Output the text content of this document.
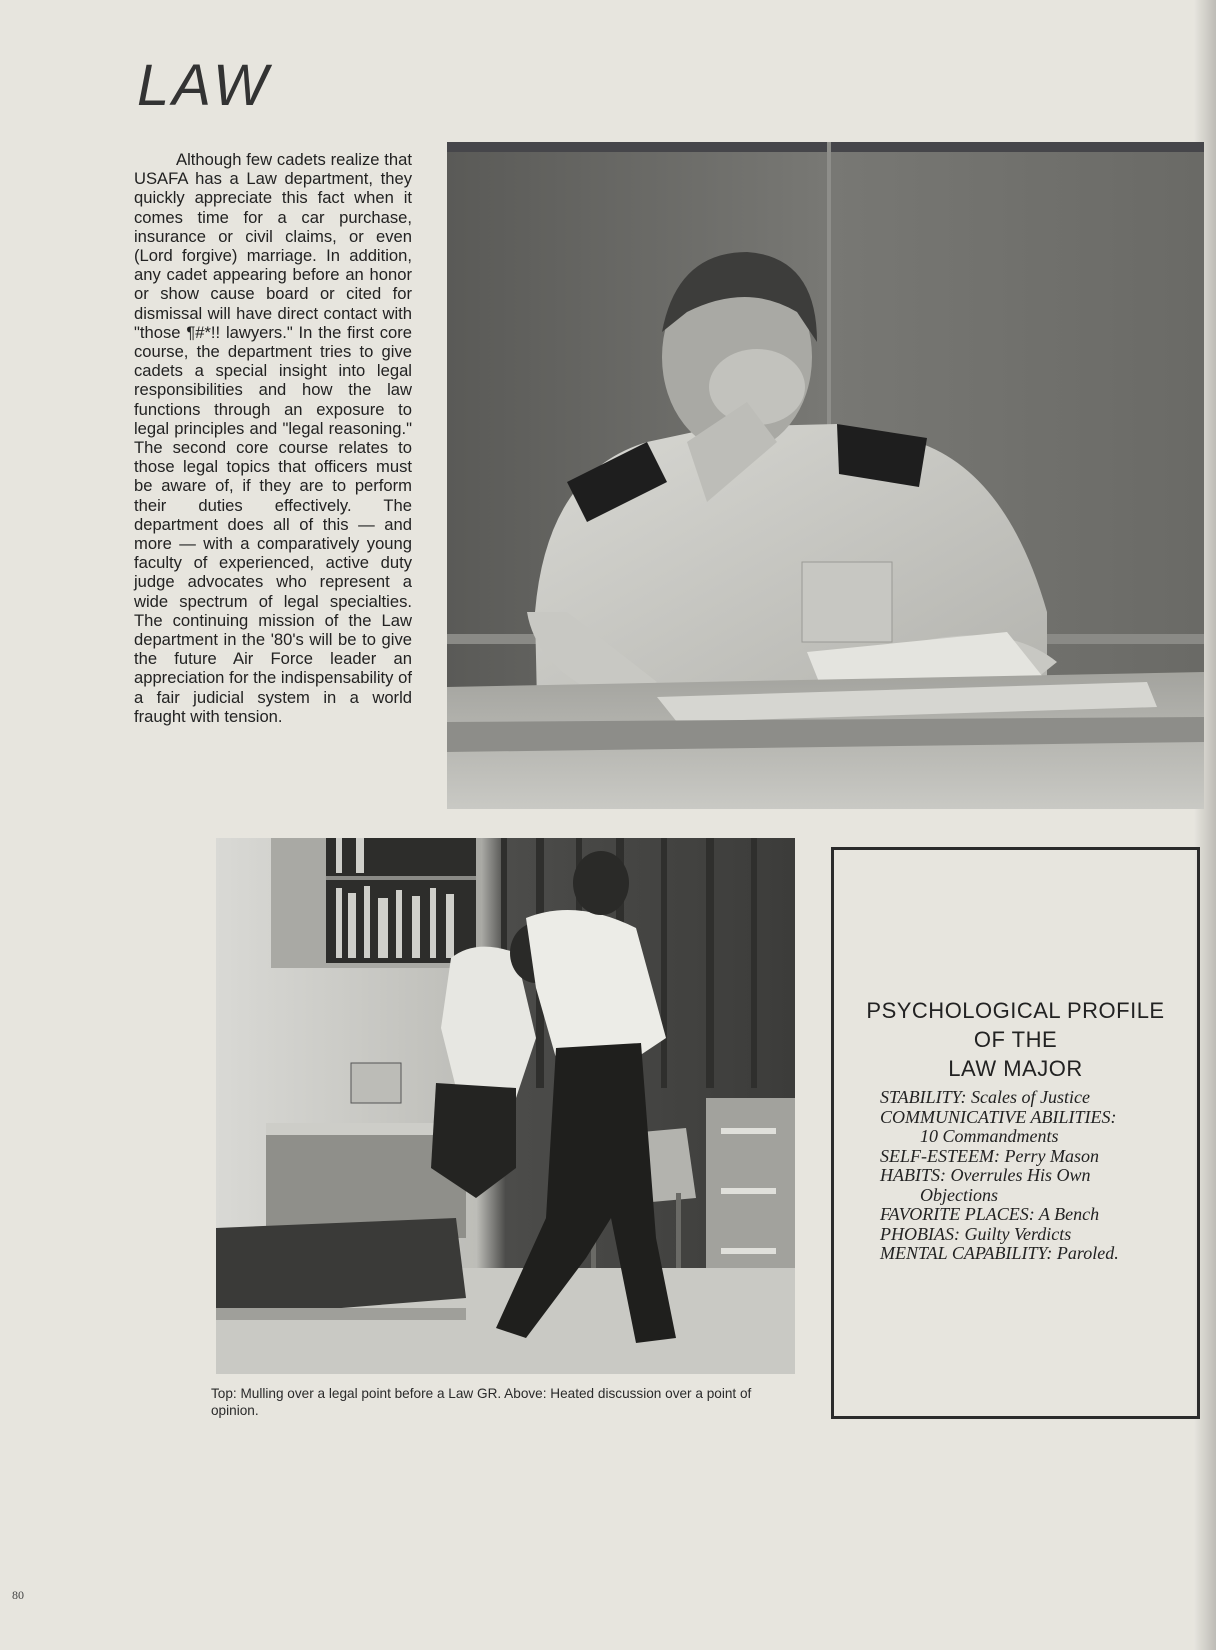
LAW

Although few cadets realize that USAFA has a Law department, they quickly appreciate this fact when it comes time for a car purchase, insurance or civil claims, or even (Lord forgive) marriage. In addition, any cadet appearing before an honor or show cause board or cited for dismissal will have direct contact with "those ¶#*!! lawyers." In the first core course, the department tries to give cadets a special insight into legal responsibilities and how the law functions through an exposure to legal principles and "legal reasoning." The second core course relates to those legal topics that officers must be aware of, if they are to perform their duties effectively. The department does all of this — and more — with a comparatively young faculty of experienced, active duty judge advocates who represent a wide spectrum of legal specialties. The continuing mission of the Law department in the '80's will be to give the future Air Force leader an appreciation for the indispensability of a fair judicial system in a world fraught with tension.

Top: Mulling over a legal point before a Law GR. Above: Heated discussion over a point of opinion.

PSYCHOLOGICAL PROFILE
OF THE
LAW MAJOR
STABILITY: Scales of Justice
COMMUNICATIVE ABILITIES:
10 Commandments
SELF-ESTEEM: Perry Mason
HABITS: Overrules His Own
Objections
FAVORITE PLACES: A Bench
PHOBIAS: Guilty Verdicts
MENTAL CAPABILITY: Paroled.
80
